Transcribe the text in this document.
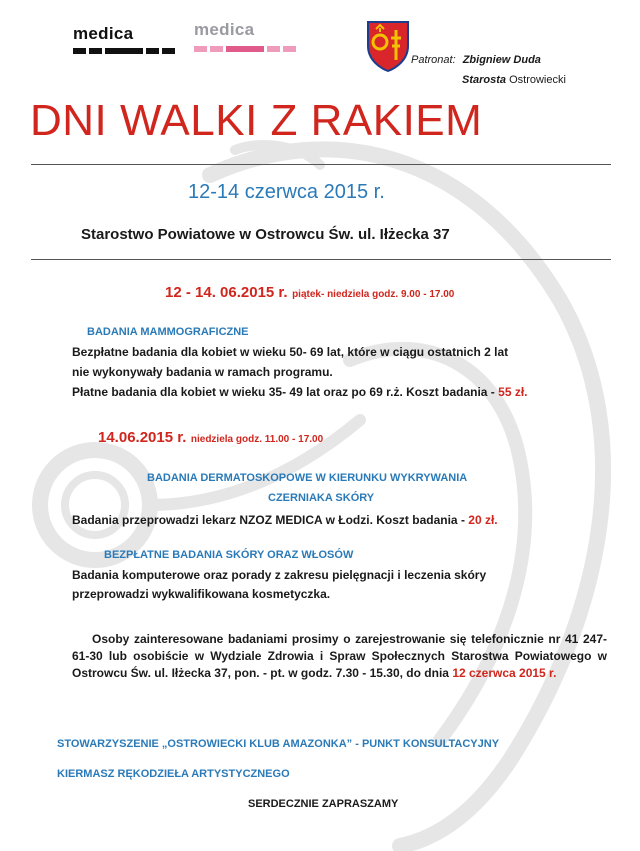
medica	medica
Patronat: Zbigniew Duda
Starosta Ostrowiecki
DNI WALKI Z RAKIEM
12-14 czerwca 2015 r.
Starostwo Powiatowe w Ostrowcu Św. ul. Iłżecka 37
12 - 14. 06.2015 r. piątek- niedziela godz. 9.00 - 17.00
BADANIA MAMMOGRAFICZNE
Bezpłatne badania dla kobiet w wieku 50- 69 lat, które w ciągu ostatnich 2 lat
nie wykonywały badania w ramach programu.
Płatne badania dla kobiet w wieku 35- 49 lat oraz po 69 r.ż. Koszt badania - 55 zł.
14.06.2015 r. niedziela godz. 11.00 - 17.00
BADANIA DERMATOSKOPOWE W KIERUNKU WYKRYWANIA
CZERNIAKA SKÓRY
Badania przeprowadzi lekarz NZOZ MEDICA w Łodzi. Koszt badania - 20 zł.
BEZPŁATNE BADANIA SKÓRY ORAZ WŁOSÓW
Badania komputerowe oraz porady z zakresu pielęgnacji i leczenia skóry
przeprowadzi wykwalifikowana kosmetyczka.
Osoby zainteresowane badaniami prosimy o zarejestrowanie się telefonicznie nr 41 247-61-30 lub osobiście w Wydziale Zdrowia i Spraw Społecznych Starostwa Powiatowego w Ostrowcu Św. ul. Iłżecka 37, pon. - pt. w godz. 7.30 - 15.30, do dnia 12 czerwca 2015 r.
STOWARZYSZENIE „OSTROWIECKI KLUB AMAZONKA” - PUNKT KONSULTACYJNY
KIERMASZ RĘKODZIEŁA ARTYSTYCZNEGO
SERDECZNIE ZAPRASZAMY
